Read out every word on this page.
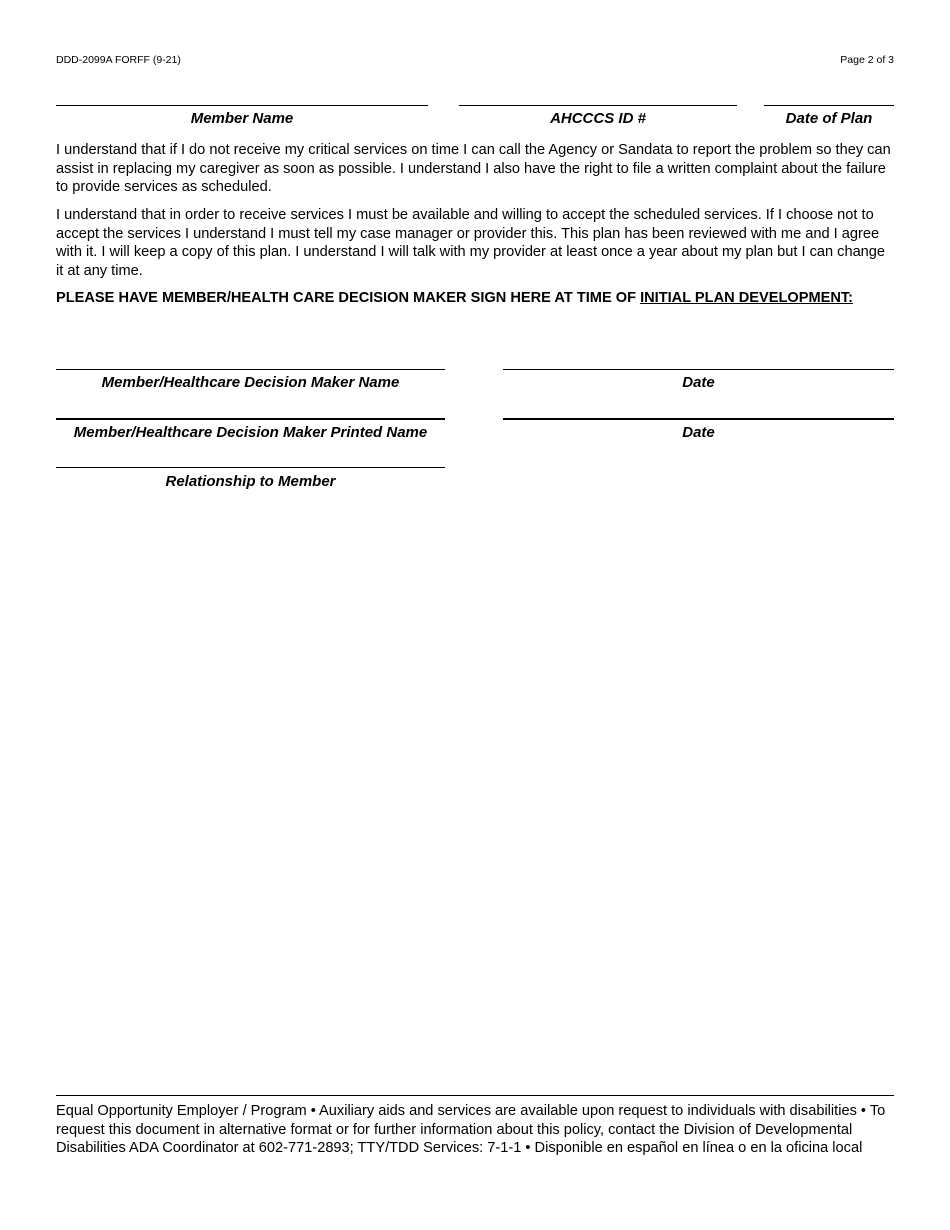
DDD-2099A FORFF (9-21)	Page 2 of 3
Member Name	AHCCCS ID #	Date of Plan
I understand that if I do not receive my critical services on time I can call the Agency or Sandata to report the problem so they can assist in replacing my caregiver as soon as possible. I understand I also have the right to file a written complaint about the failure to provide services as scheduled.
I understand that in order to receive services I must be available and willing to accept the scheduled services. If I choose not to accept the services I understand I must tell my case manager or provider this. This plan has been reviewed with me and I agree with it. I will keep a copy of this plan. I understand I will talk with my provider at least once a year about my plan but I can change it at any time.
PLEASE HAVE MEMBER/HEALTH CARE DECISION MAKER SIGN HERE AT TIME OF INITIAL PLAN DEVELOPMENT:
Member/Healthcare Decision Maker Name	Date
Member/Healthcare Decision Maker Printed Name	Date
Relationship to Member
Equal Opportunity Employer / Program • Auxiliary aids and services are available upon request to individuals with disabilities • To request this document in alternative format or for further information about this policy, contact the Division of Developmental Disabilities ADA Coordinator at 602-771-2893; TTY/TDD Services: 7-1-1 • Disponible en español en línea o en la oficina local
